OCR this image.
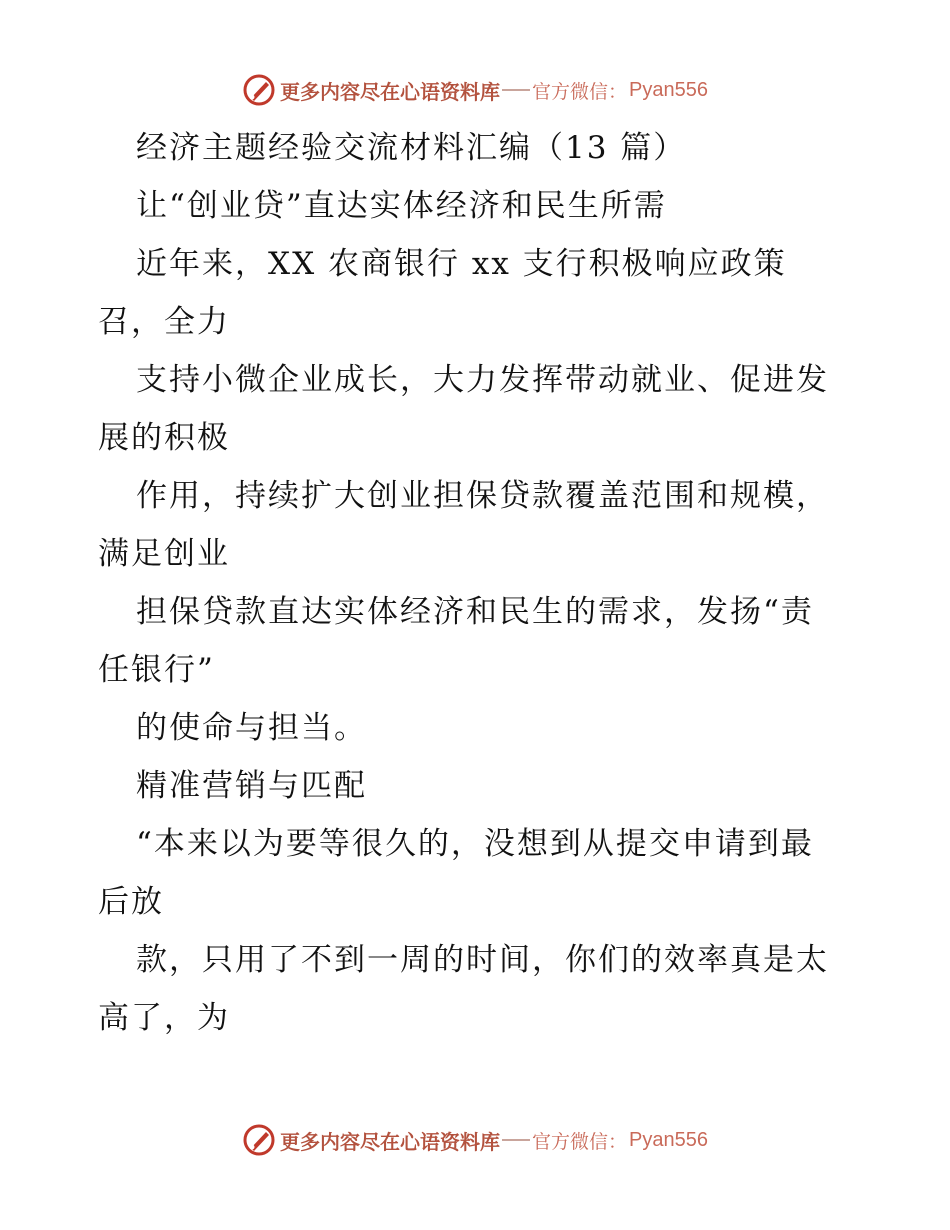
更多内容尽在心语资料库 官方微信： Pyan556
经济主题经验交流材料汇编（13 篇）
让“创业贷”直达实体经济和民生所需
近年来，XX 农商银行 xx 支行积极响应政策
召，全力
支持小微企业成长，大力发挥带动就业、促进发
展的积极
作用，持续扩大创业担保贷款覆盖范围和规模，
满足创业
担保贷款直达实体经济和民生的需求，发扬“责
任银行”
的使命与担当。
精准营销与匹配
“本来以为要等很久的，没想到从提交申请到最
后放
款，只用了不到一周的时间，你们的效率真是太
高了，为
更多内容尽在心语资料库 官方微信： Pyan556
